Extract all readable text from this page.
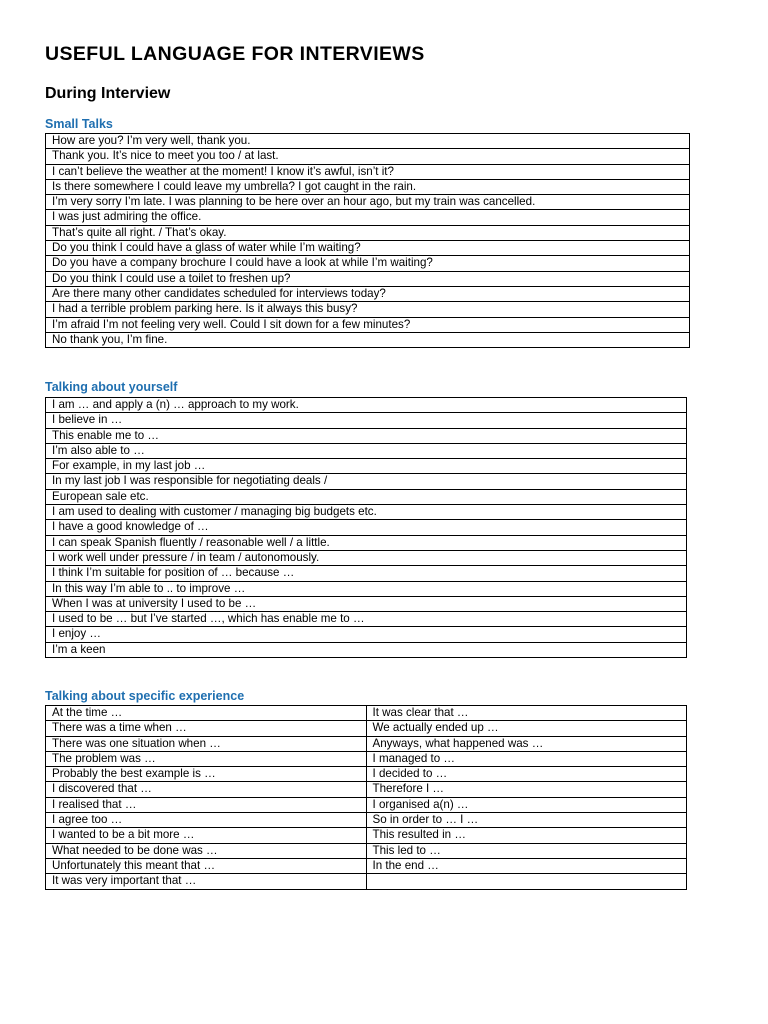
USEFUL LANGUAGE FOR INTERVIEWS
During Interview
Small Talks
How are you? I’m very well, thank you.
Thank you. It’s nice to meet you too / at last.
I can’t believe the weather at the moment! I know it’s awful, isn’t it?
Is there somewhere I could leave my umbrella? I got caught in the rain.
I’m very sorry I’m late. I was planning to be here over an hour ago, but my train was cancelled.
I was just admiring the office.
That’s quite all right. / That’s okay.
Do you think I could have a glass of water while I’m waiting?
Do you have a company brochure I could have a look at while I’m waiting?
Do you think I could use a toilet to freshen up?
Are there many other candidates scheduled for interviews today?
I had a terrible problem parking here. Is it always this busy?
I’m afraid I’m not feeling very well. Could I sit down for a few minutes?
No thank you, I’m fine.
Talking about yourself
I am … and apply a (n) … approach to my work.
I believe in …
This enable me to …
I’m also able to …
For example, in my last job …
In my last job I was responsible for negotiating deals /
European sale etc.
I am used to dealing with customer / managing big budgets etc.
I have a good knowledge of …
I can speak Spanish fluently / reasonable well / a little.
I work well under pressure / in team / autonomously.
I think I’m suitable for position of … because …
In this way I’m able to .. to improve …
When I was at university I used to be …
I used to be … but I’ve started …, which has enable me to …
I enjoy …
I’m a keen
Talking about specific experience
At the time …	It was clear that …
There was a time when …	We actually ended up …
There was one situation when …	Anyways, what happened was …
The problem was …	I managed to …
Probably the best example is …	I decided to …
I discovered that …	Therefore I …
I realised that …	I organised a(n) …
I agree too …	So in order to … I …
I wanted to be a bit more …	This resulted in …
What needed to be done was …	This led to …
Unfortunately this meant that …	In the end …
It was very important that …	
